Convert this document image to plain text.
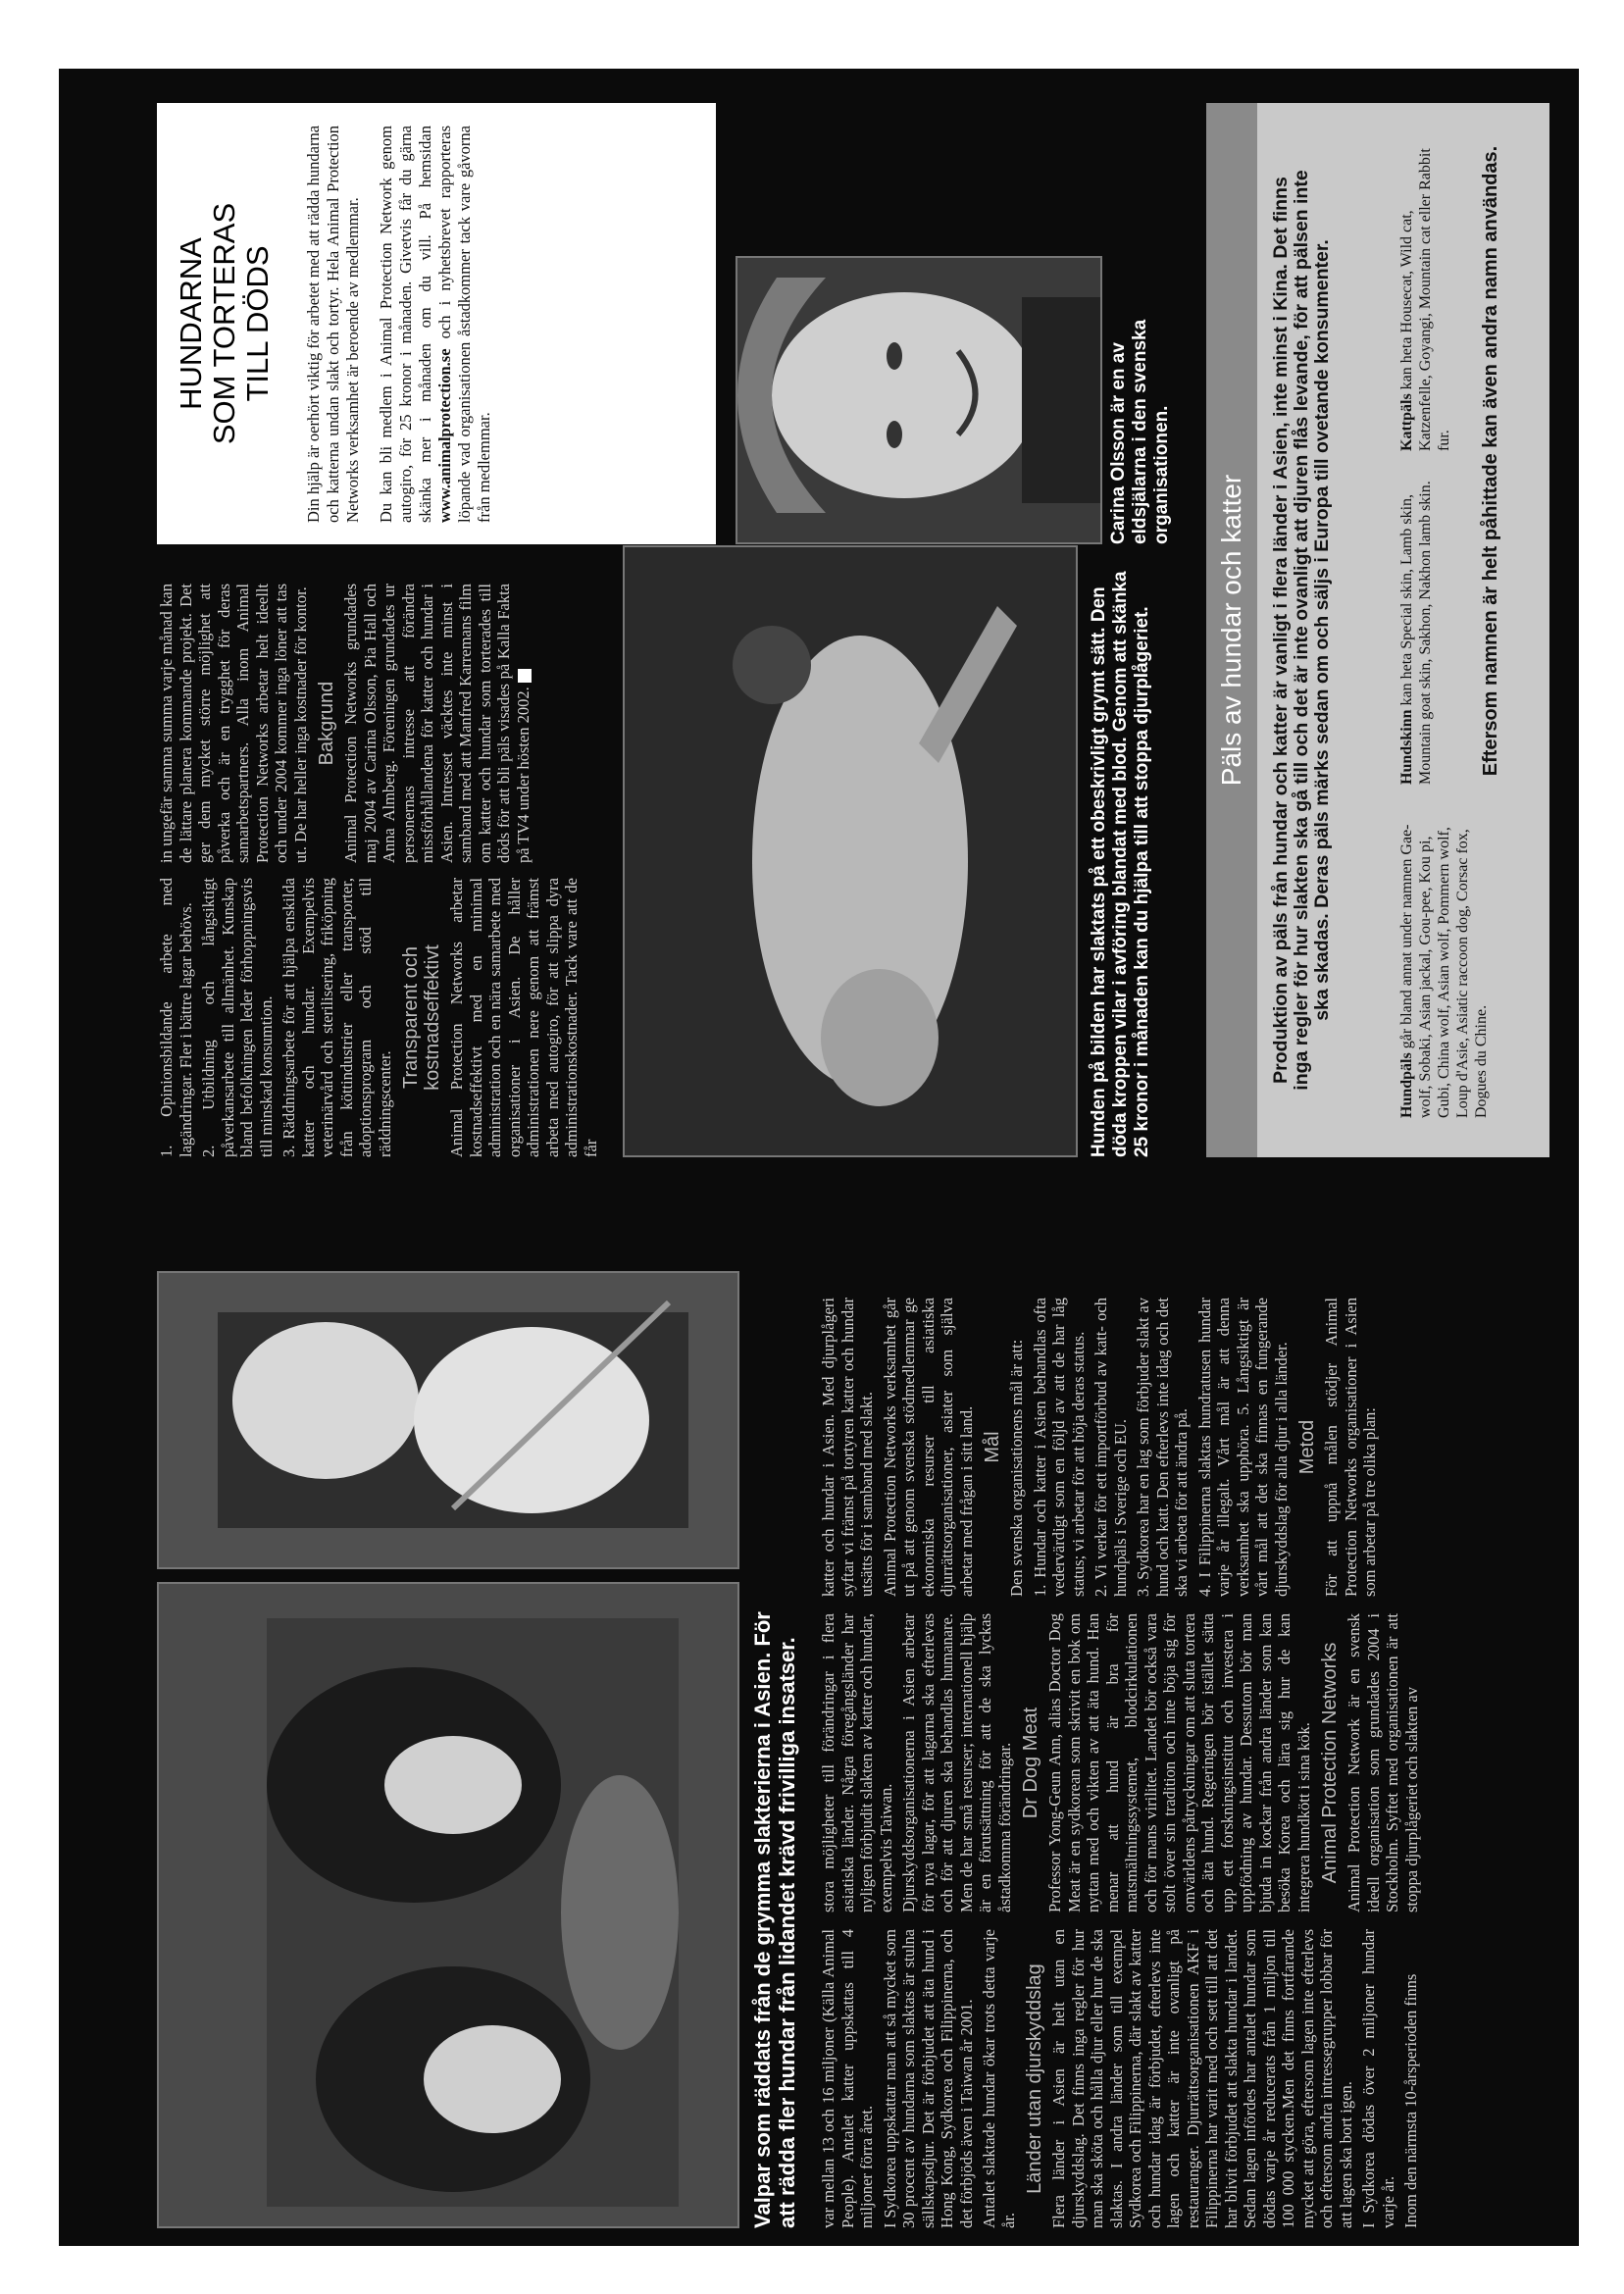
Valpar som räddats från de grymma slakterierna i Asien. För att rädda fler hundar från lidandet krävd frivilliga insatser. var mellan 13 och 16 miljoner (Källa Animal People). Antalet katter uppskattas till 4 miljoner förra året. I Sydkorea uppskattar man att så mycket som 30 procent av hundarna som slaktas är stulna sällskapsdjur. Det är förbjudet att äta hund i Hong Kong, Sydkorea och Filippinerna, och det förbjöds även i Taiwan år 2001. Antalet slaktade hundar ökar trots detta varje år.

Länder utan djurskyddslag Flera länder i Asien är helt utan en djurskyddslag. Det finns inga regler för hur man ska sköta och hålla djur eller hur de ska slaktas. I andra länder som till exempel Sydkorea och Filippinerna, där slakt av katter och hundar idag är förbjudet, efterlevs inte lagen och katter är inte ovanligt på restauranger. Djurrättsorganisationen AKF i Filippinerna har varit med och sett till att det har blivit förbjudet att slakta hundar i landet. Sedan lagen infördes har antalet hundar som dödas varje år reducerats från 1 miljon till 100 000 stycken.Men det finns fortfarande mycket att göra, eftersom lagen inte efterlevs och eftersom andra intressegrupper lobbar för att lagen ska bort igen. I Sydkorea dödas över 2 miljoner hundar varje år. Inom den närmsta 10-årsperioden finns

stora möjligheter till förändringar i flera asiatiska länder. Några föregångsländer har nyligen förbjudit slakten av katter och hundar, exempelvis Taiwan. Djurskyddsorganisationerna i Asien arbetar för nya lagar, för att lagarna ska efterlevas och för att djuren ska behandlas humanare. Men de har små resurser; internationell hjälp är en förutsättning för att de ska lyckas åstadkomma förändringar. Dr Dog Meat Professor Yong-Geun Ann, alias Doctor Dog Meat är en sydkorean som skrivit en bok om nyttan med och vikten av att äta hund. Han menar att hund är bra för matsmältningssystemet, blodcirkulationen och för mans virilitet. Landet bör också vara stolt över sin tradition och inte böja sig för omvärldens påtryckningar om att sluta tortera och äta hund. Regeringen bör istället sätta upp ett forskningsinstitut och investera i uppfödning av hundar. Dessutom bör man bjuda in kockar från andra länder som kan besöka Korea och lära sig hur de kan integrera hundkött i sina kök. Animal Protection Networks Animal Protection Network är en svensk ideell organisation som grundades 2004 i Stockholm. Syftet med organisationen är att stoppa djurplågeriet och slakten av

katter och hundar i Asien. Med djurplågeri syftar vi främst på tortyren katter och hundar utsätts för i samband med slakt. Animal Protection Networks verksamhet går ut på att genom svenska stödmedlemmar ge ekonomiska resurser till asiatiska djurrättsorganisationer, asiater som själva arbetar med frågan i sitt land. Mål Den svenska organisationens mål är att: 1. Hundar och katter i Asien behandlas ofta vedervärdigt som en följd av att de har låg status; vi arbetar för att höja deras status. 2. Vi verkar för ett importförbud av katt- och hundpäls i Sverige och EU. 3. Sydkorea har en lag som förbjuder slakt av hund och katt. Den efterlevs inte idag och det ska vi arbeta för att ändra på. 4. I Filippinerna slaktas hundratusen hundar varje år illegalt. Vårt mål är att denna verksamhet ska upphöra. 5. Långsiktigt är vårt mål att det ska finnas en fungerande djurskyddslag för alla djur i alla länder. Metod För att uppnå målen stödjer Animal Protection Networks organisationer i Asien som arbetar på tre olika plan:

1. Opinionsbildande arbete med lagändringar. Fler i bättre lagar behövs. 2. Utbildning och långsiktigt påverkansarbete till allmänhet. Kunskap bland befolkningen leder förhoppningsvis till minskad konsumtion. 3. Räddningsarbete för att hjälpa enskilda katter och hundar. Exempelvis veterinärvård och sterilisering, friköpning från köttindustrier eller transporter, adoptionsprogram och stöd till räddningscenter.

Transparent och kostnadseffektivt Animal Protection Networks arbetar kostnadseffektivt med en minimal administration och en nära samarbete med organisationer i Asien. De håller administrationen nere genom att främst arbeta med autogiro, för att slippa dyra administrationskostnader. Tack vare att de får

in ungefär samma summa varje månad kan de lättare planera kommande projekt. Det ger dem mycket större möjlighet att påverka och är en trygghet för deras samarbetspartners. Alla inom Animal Protection Networks arbetar helt ideellt och under 2004 kommer inga löner att tas ut. De har heller inga kostnader för kontor. Bakgrund Animal Protection Networks grundades maj 2004 av Carina Olsson, Pia Hall och Anna Almberg. Föreningen grundades ur personernas intresse att förändra missförhållandena för katter och hundar i Asien. Intresset väcktes inte minst i samband med att Manfred Karremans film om katter och hundar som torterades till döds för att bli päls visades på Kalla Fakta på TV4 under hösten 2002.	Hunden på bilden har slaktats på ett obeskrivligt grymt sätt. Den döda kroppen vilar i avföring blandat med blod. Genom att skänka 25 kronor i månaden kan du hjälpa till att stoppa djurplågeriet.
HUNDARNA SOM TORTERAS TILL DÖDS Din hjälp är oerhört viktig för arbetet med att rädda hundarna och katterna undan slakt och tortyr. Hela Animal Protection Networks verksamhet är beroende av medlemmar. Du kan bli medlem i Animal Protection Network genom autogiro, för 25 kronor i månaden. Givetvis får du gärna skänka mer i månaden om du vill. På hemsidan www.animalprotection.se och i nyhetsbrevet rapporteras löpande vad organisationen åstadkommer tack vare gåvorna från medlemmar.	Carina Olsson är en av eldsjälarna i den svenska organisationen.	Päls av hundar och katter	Produktion av päls från hundar och katter är vanligt i flera länder i Asien, inte minst i Kina. Det finns inga regler för hur slakten ska gå till och det är inte ovanligt att djuren flås levande, för att pälsen inte ska skadas. Deras päls märks sedan om och säljs i Europa till ovetande konsumenter.
Hundpäls går bland annat under namnen Gae-wolf, Sobaki, Asian jackal, Gou-pee, Kou pi, Gubi, China wolf, Asian wolf, Pommern wolf, Loup d'Asie, Asiatic raccoon dog, Corsac fox, Dogues du Chine.
Hundskinn kan heta Special skin, Lamb skin, Mountain goat skin, Sakhon, Nakhon lamb skin.
Kattpäls kan heta Housecat, Wild cat, Katzenfelle, Goyangi, Mountain cat eller Rabbit fur. Eftersom namnen är helt påhittade kan även andra namn användas.
